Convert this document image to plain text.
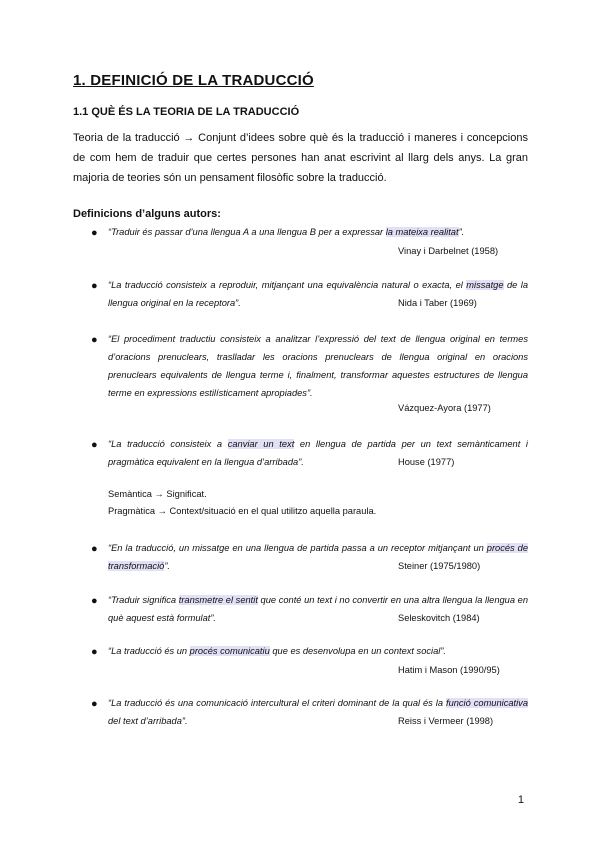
1. DEFINICIÓ DE LA TRADUCCIÓ
1.1 QUÈ ÉS LA TEORIA DE LA TRADUCCIÓ
Teoria de la traducció → Conjunt d’idees sobre què és la traducció i maneres i concepcions de com hem de traduir que certes persones han anat escrivint al llarg dels anys. La gran majoria de teories són un pensament filosòfic sobre la traducció.
Definicions d’alguns autors:
● “Traduir és passar d’una llengua A a una llengua B per a expressar la mateixa realitat”.
Vinay i Darbelnet (1958)
● “La traducció consisteix a reproduir, mitjançant una equivalència natural o exacta, el missatge de la llengua original en la receptora”.	Nida i Taber (1969)
● “El procediment traductiu consisteix a analitzar l’expressió del text de llengua original en termes d’oracions prenuclears, traslladar les oracions prenuclears de llengua original en oracions prenuclears equivalents de llengua terme i, finalment, transformar aquestes estructures de llengua terme en expressions estilísticament apropiades”.
Vázquez-Ayora (1977)
● “La traducció consisteix a canviar un text en llengua de partida per un text semànticament i pragmàtica equivalent en la llengua d’arribada”.	House (1977)
Semàntica → Significat.
Pragmàtica → Context/situació en el qual utilitzo aquella paraula.
● “En la traducció, un missatge en una llengua de partida passa a un receptor mitjançant un procés de transformació”.	Steiner (1975/1980)
● “Traduir significa transmetre el sentit que conté un text i no convertir en una altra llengua la llengua en què aquest està formulat”.	Seleskovitch (1984)
● “La traducció és un procés comunicatiu que es desenvolupa en un context social”.
Hatim i Mason (1990/95)
● “La traducció és una comunicació intercultural el criteri dominant de la qual és la funció comunicativa del text d’arribada”.	Reiss i Vermeer (1998)
1
